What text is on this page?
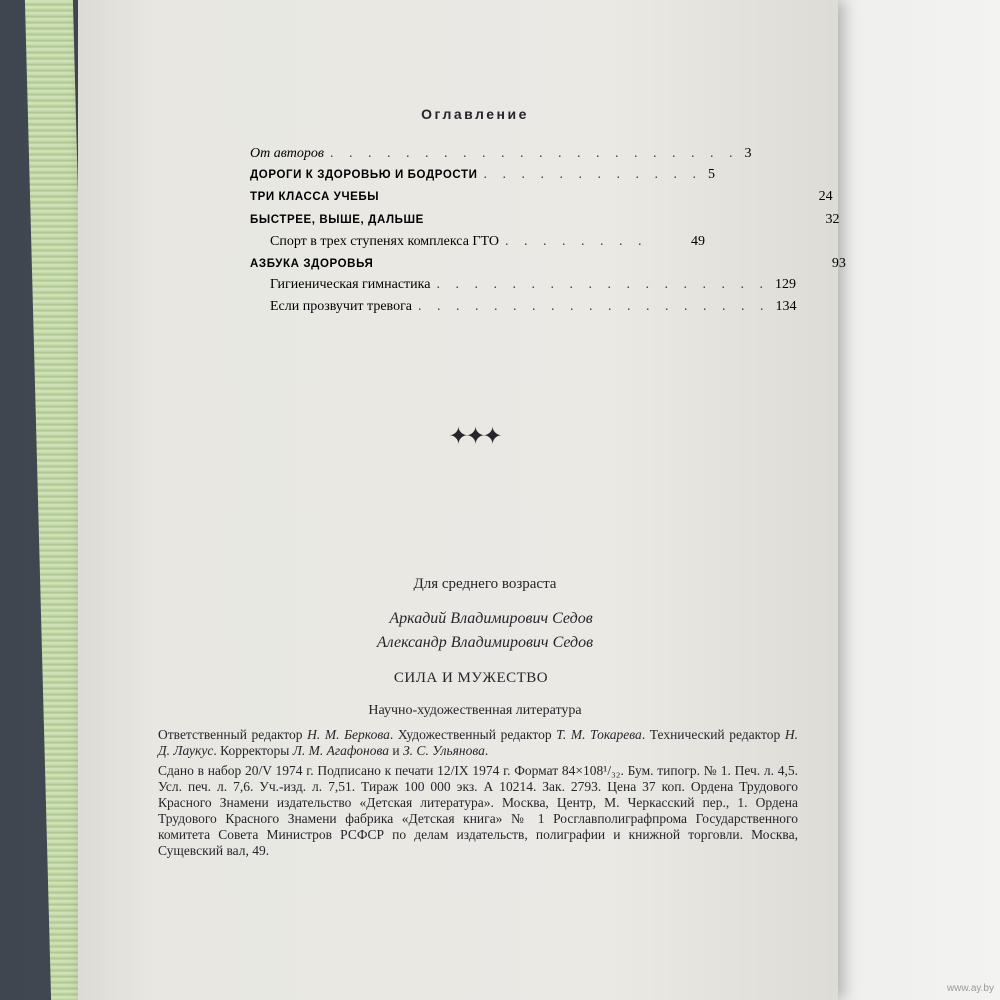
Оглавление
От авторов . . . . . . . . . . . . . . . . . . . . . . 3
ДОРОГИ К ЗДОРОВЬЮ И БОДРОСТИ . . . . . . . . . . . . 5
ТРИ КЛАССА УЧЕБЫ	24
БЫСТРЕЕ, ВЫШЕ, ДАЛЬШЕ	32
Спорт в трех ступенях комплекса ГТО . . . . . . . .	49
АЗБУКА ЗДОРОВЬЯ	93
Гигиеническая гимнастика . . . . . . . . . . . . . . . . . . 129
Если прозвучит тревога . . . . . . . . . . . . . . . . . . . 134
✦✦✦
Для среднего возраста
Аркадий Владимирович Седов
Александр Владимирович Седов
СИЛА И МУЖЕСТВО
Научно-художественная литература

Ответственный редактор Н. М. Беркова. Художественный редактор Т. М. Токарева. Технический редактор Н. Д. Лаукус. Корректоры Л. М. Агафонова и З. С. Ульянова.

Сдано в набор 20/V 1974 г. Подписано к печати 12/IX 1974 г. Формат 84×108¹/₃₂. Бум. типогр. № 1. Печ. л. 4,5. Усл. печ. л. 7,6. Уч.-изд. л. 7,51. Тираж 100 000 экз. А 10214. Зак. 2793. Цена 37 коп. Ордена Трудового Красного Знамени издательство «Детская литература». Москва, Центр, М. Черкасский пер., 1. Ордена Трудового Красного Знамени фабрика «Детская книга» № 1 Росглавполиграфпрома Государственного комитета Совета Министров РСФСР по делам издательств, полиграфии и книжной торговли. Москва, Сущевский вал, 49.

www.ay.by
